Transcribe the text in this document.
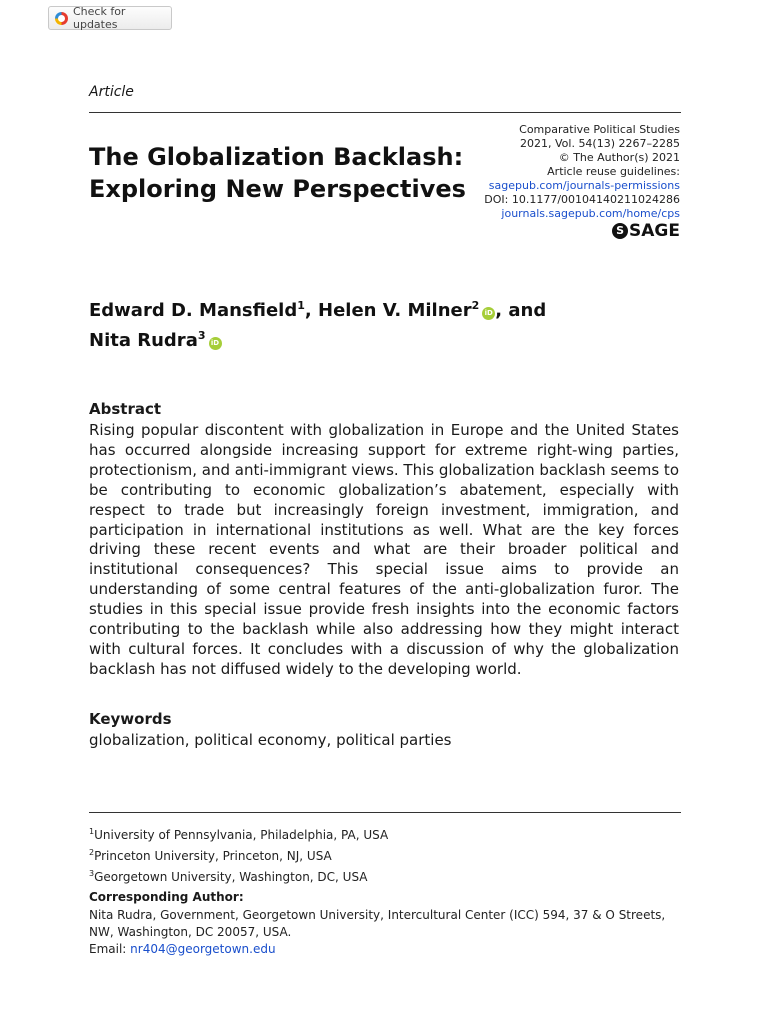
Check for updates
Article
The Globalization Backlash: Exploring New Perspectives
Comparative Political Studies
2021, Vol. 54(13) 2267–2285
© The Author(s) 2021
Article reuse guidelines:
sagepub.com/journals-permissions
DOI: 10.1177/00104140211024286
journals.sagepub.com/home/cps
S SAGE
Edward D. Mansfield$^1$, Helen V. Milner$^2$iD , and
Nita Rudra$^3$iD
Abstract

Rising popular discontent with globalization in Europe and the United States has occurred alongside increasing support for extreme right-wing parties, protectionism, and anti-immigrant views. This globalization backlash seems to be contributing to economic globalization’s abatement, especially with respect to trade but increasingly foreign investment, immigration, and participation in international institutions as well. What are the key forces driving these recent events and what are their broader political and institutional consequences? This special issue aims to provide an understanding of some central features of the anti-globalization furor. The studies in this special issue provide fresh insights into the economic factors contributing to the backlash while also addressing how they might interact with cultural forces. It concludes with a discussion of why the globalization backlash has not diffused widely to the developing world.

Keywords
globalization, political economy, political parties
$^1$University of Pennsylvania, Philadelphia, PA, USA
$^2$Princeton University, Princeton, NJ, USA
$^3$Georgetown University, Washington, DC, USA
Corresponding Author:
Nita Rudra, Government, Georgetown University, Intercultural Center (ICC) 594, 37 & O Streets, NW, Washington, DC 20057, USA.
Email: nr404@georgetown.edu
